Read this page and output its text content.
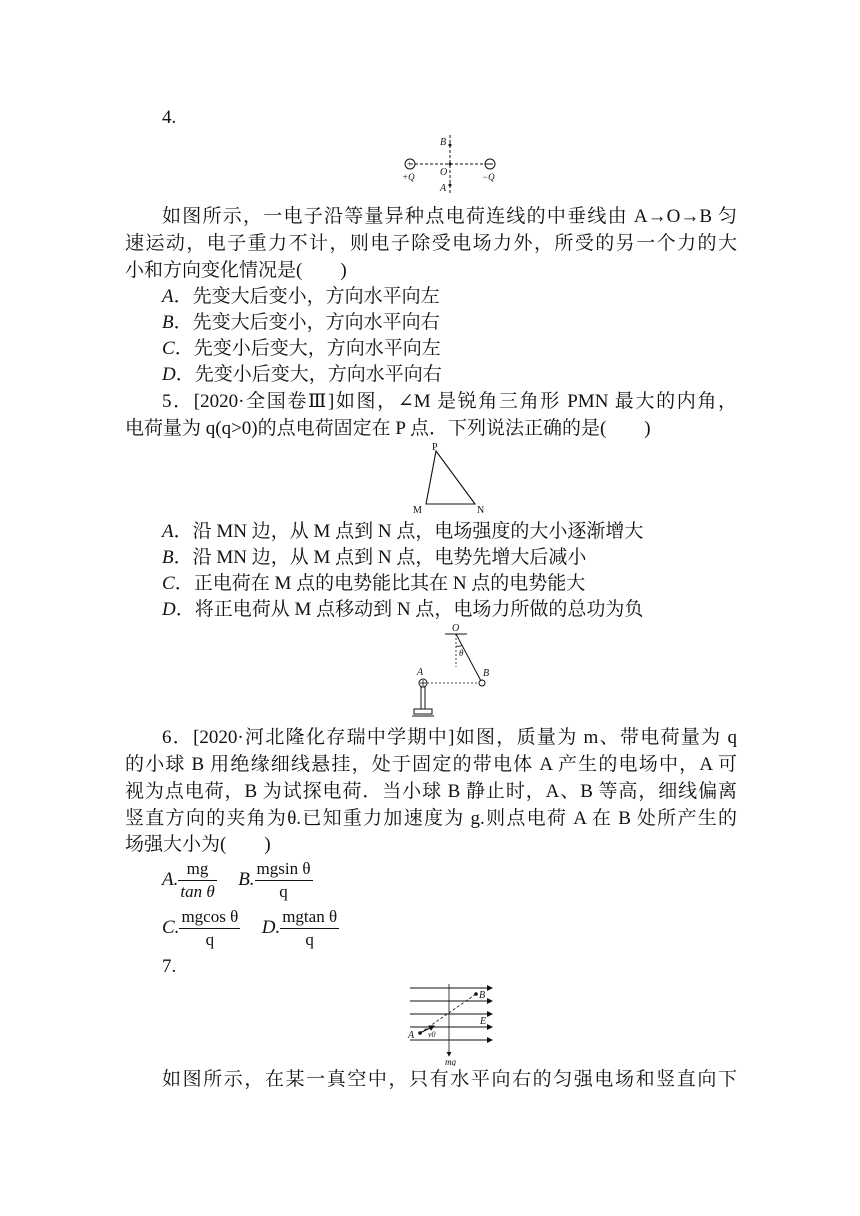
4.
+
B
O
A
+Q	−Q
如图所示，一电子沿等量异种点电荷连线的中垂线由 A→O→B 匀
速运动，电子重力不计，则电子除受电场力外，所受的另一个力的大
小和方向变化情况是(　　)
A．先变大后变小，方向水平向左
B．先变大后变小，方向水平向右
C．先变小后变大，方向水平向左
D．先变小后变大，方向水平向右
5．[2020·全国卷Ⅲ]如图，∠M 是锐角三角形 PMN 最大的内角，
电荷量为 q(q>0)的点电荷固定在 P 点．下列说法正确的是(　　)
P
M	N
A．沿 MN 边，从 M 点到 N 点，电场强度的大小逐渐增大
B．沿 MN 边，从 M 点到 N 点，电势先增大后减小
C．正电荷在 M 点的电势能比其在 N 点的电势能大
D．将正电荷从 M 点移动到 N 点，电场力所做的总功为负
O
θ
A	B
6．[2020·河北隆化存瑞中学期中]如图，质量为 m、带电荷量为 q
的小球 B 用绝缘细线悬挂，处于固定的带电体 A 产生的电场中，A 可
视为点电荷，B 为试探电荷．当小球 B 静止时，A、B 等高，细线偏离
竖直方向的夹角为θ.已知重力加速度为 g.则点电荷 A 在 B 处所产生的
场强大小为(　　)
A. $\frac{mg}{\text{tan θ}} B$. $\frac{\text{mgsin θ}}{q}$
C. $\frac{\text{mgcos θ}}{q} D$. $\frac{\text{mgtan θ}}{q}$
7.
B
E
A v0
mg
如图所示，在某一真空中，只有水平向右的匀强电场和竖直向下
